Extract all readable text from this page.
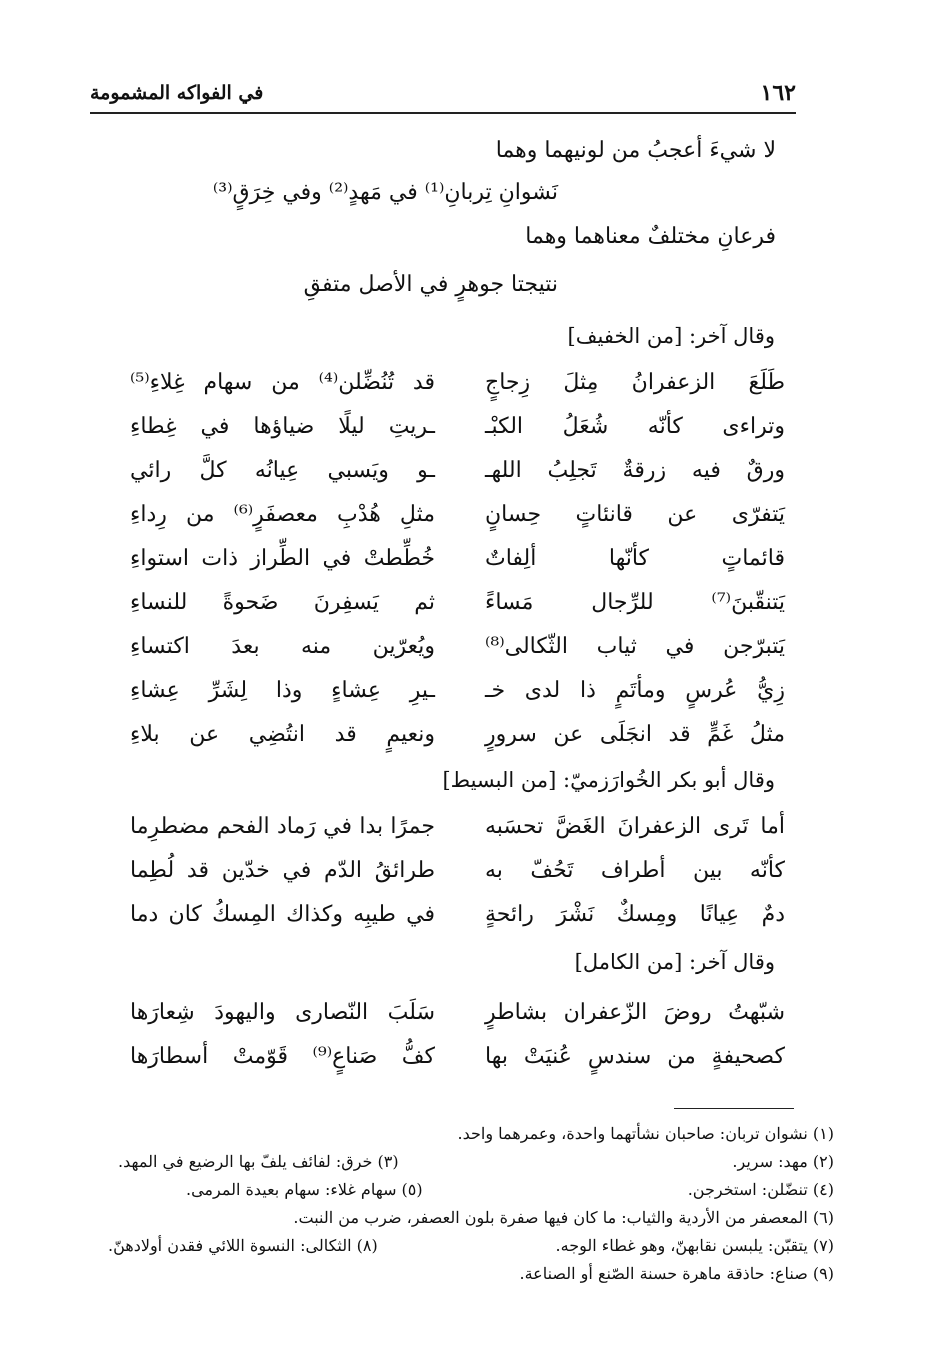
١٦٢
في الفواكه المشمومة
لا شيءَ أعجبُ من لونيهما وهما
نَشوانِ تِربانِ⁽¹⁾ في مَهدٍ⁽²⁾ وفي خِرَقٍ⁽³⁾
فرعانِ مختلفٌ معناهما وهما
نتيجتا جوهرٍ في الأصل متفقِ
وقال آخر: [من الخفيف]
طَلَعَ الزعفرانُ مِثلَ زِجاجٍ
قد تُنُضِّلن⁽⁴⁾ من سهام غِلاءِ⁽⁵⁾
وتراءى كأنّه شُعَلُ الكبْـ
ـريتِ ليلًا ضياؤها في غِطاءِ
ورقٌ فيه زرقةٌ تَجلِبُ اللهـ
ـو ويَسبي عِيانُه كلَّ رائي
يَتفرّى عن قانئاتٍ حِسانٍ
مثلِ هُدْبِ معصفَرٍ⁽⁶⁾ من رِداءِ
قائماتٍ كأنّها ألِفاتٌ
خُطِّطتْ في الطِّراز ذات استواءِ
يَتنقّبنَ⁽⁷⁾ للرِّجال مَساءً
ثم يَسفِرنَ ضَحوةً للنساءِ
يَتبرّجن في ثياب الثّكالى⁽⁸⁾
ويُعرّين منه بعدَ اكتساءِ
زِيُّ عُرسٍ ومأتَمٍ ذا لدى خـ
ـيرِ عِشاءٍ وذا لِشَرِّ عِشاءِ
مثلُ غَمٍّ قد انجَلَى عن سرورٍ
ونعيمٍ قد انتُضِي عن بلاءِ
وقال أبو بكر الخُوارَزميّ: [من البسيط]
أما تَرى الزعفرانَ الغَضَّ تحسَبه
جمرًا بدا في رَماد الفحم مضطرِما
كأنّه بين أطراف تَحُفّ به
طرائقُ الدّم في خدّين قد لُطِما
دمٌ عِيانًا ومِسكٌ نَشْرَ رائحةٍ
في طيبِه وكذاك المِسكُ كان دما
وقال آخر: [من الكامل]
شبّهتُ روضَ الزّعفران بشاطرٍ
سَلَبَ النّصارى واليهودَ شِعارَها
كصحيفةٍ من سندسٍ عُنيَتْ بها
كفُّ صَناعٍ⁽⁹⁾ قَوّمتْ أسطارَها
(١) نشوان تربان: صاحبان نشأتهما واحدة، وعمرهما واحد.
(٢) مهد: سرير.
(٣) خرق: لفائف يلفّ بها الرضيع في المهد.
(٤) تنضّلن: استخرجن.
(٥) سهام غلاء: سهام بعيدة المرمى.
(٦) المعصفر من الأردية والثياب: ما كان فيها صفرة بلون العصفر، ضرب من النبت.
(٧) يتقبّن: يلبسن نقابهنّ، وهو غطاء الوجه.
(٨) الثكالى: النسوة اللائي فقدن أولادهنّ.
(٩) صناع: حاذقة ماهرة حسنة الصّنع أو الصناعة.
